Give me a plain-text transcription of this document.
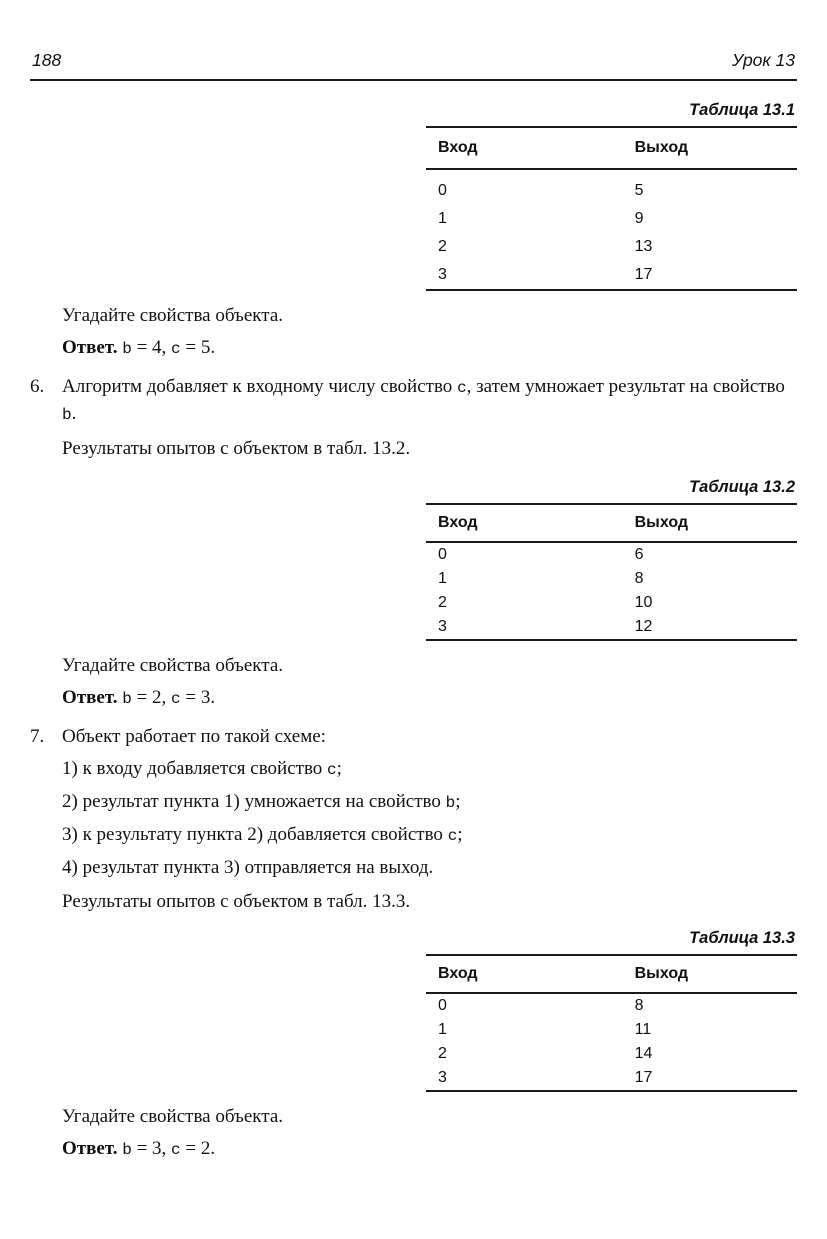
188	Урок 13
Таблица 13.1
Вход	Выход
0	5
1	9
2	13
3	17

Угадайте свойства объекта.

Ответ. b = 4, c = 5.

6. Алгоритм добавляет к входному числу свойство c, затем умножает результат на свойство b.

Результаты опытов с объектом в табл. 13.2.

Таблица 13.2
Вход	Выход
0	6
1	8
2	10
3	12

Угадайте свойства объекта.

Ответ. b = 2, c = 3.

7. Объект работает по такой схеме:

1) к входу добавляется свойство c;

2) результат пункта 1) умножается на свойство b;

3) к результату пункта 2) добавляется свойство c;

4) результат пункта 3) отправляется на выход.

Результаты опытов с объектом в табл. 13.3.

Таблица 13.3
Вход	Выход
0	8
1	11
2	14
3	17

Угадайте свойства объекта.

Ответ. b = 3, c = 2.
